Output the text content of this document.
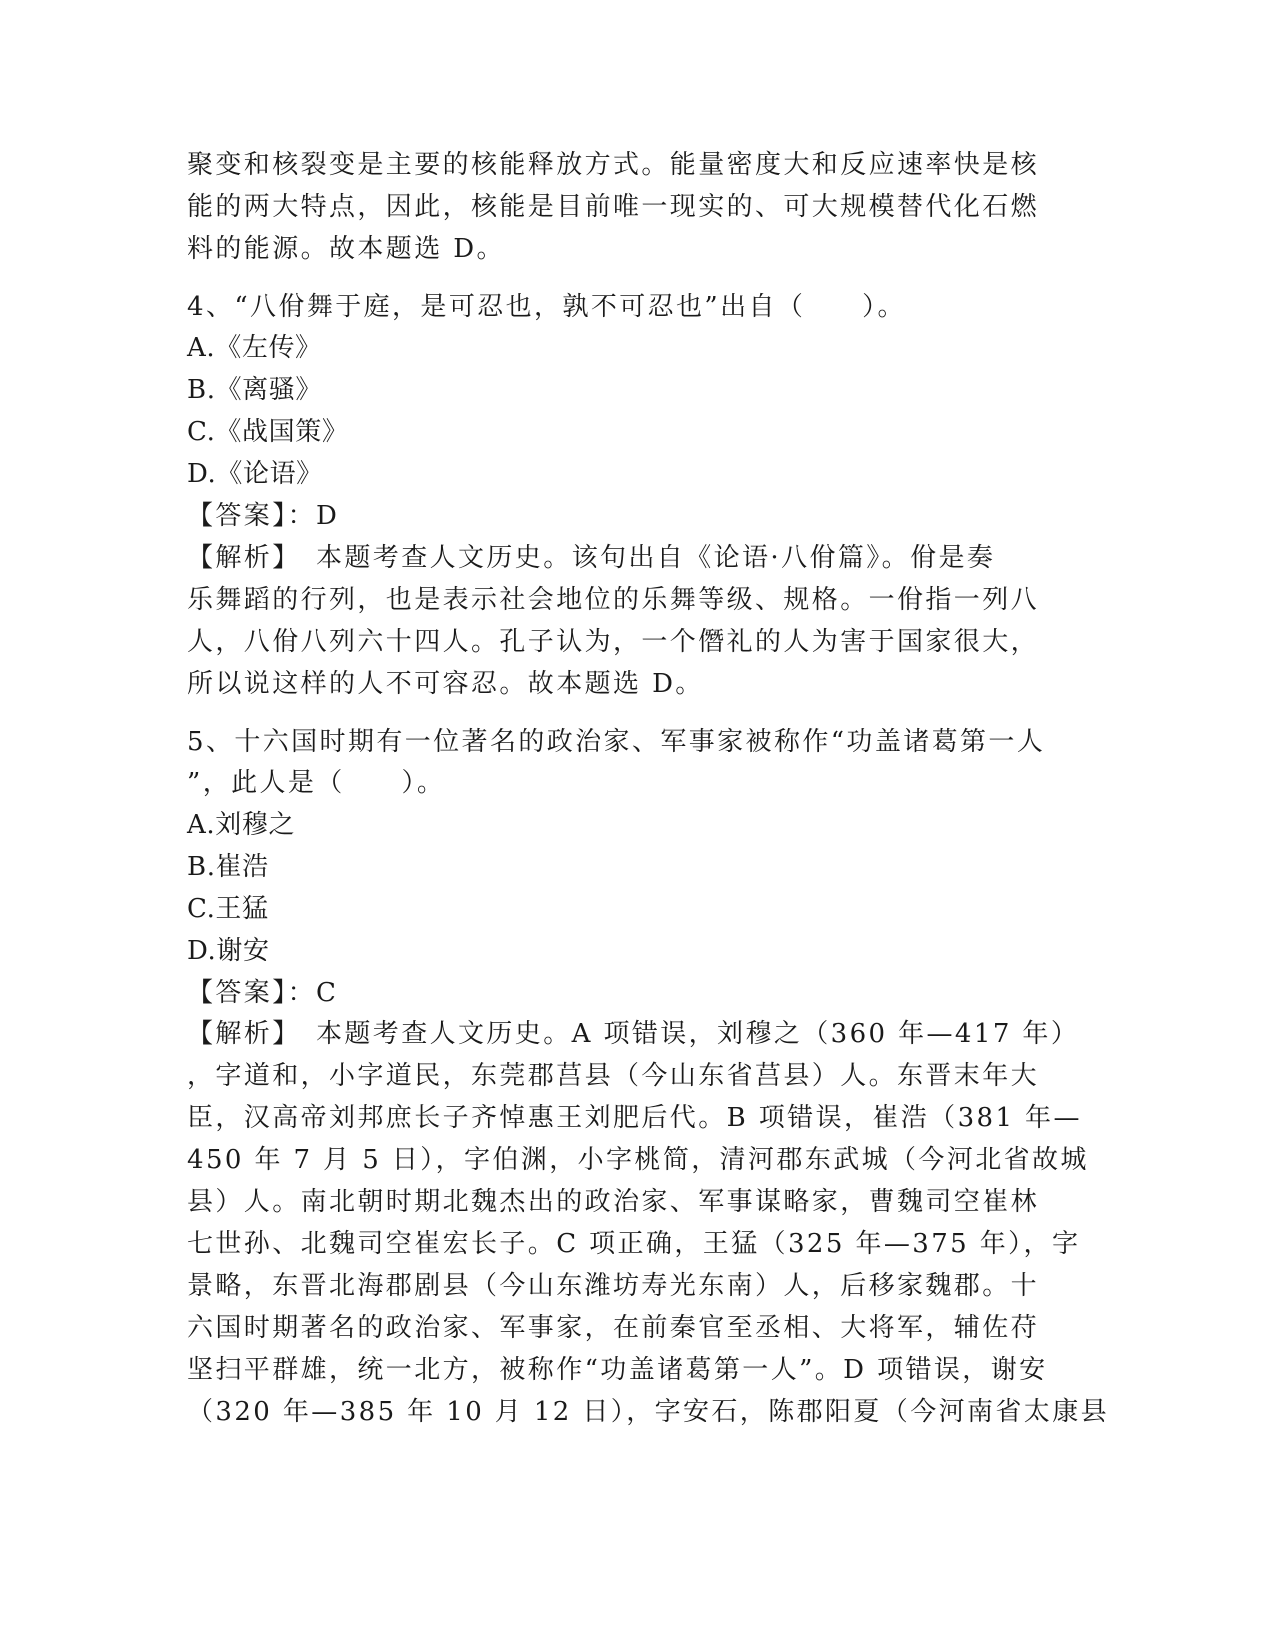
聚变和核裂变是主要的核能释放方式。能量密度大和反应速率快是核
能的两大特点，因此，核能是目前唯一现实的、可大规模替代化石燃
料的能源。故本题选 D。
4、“八佾舞于庭，是可忍也，孰不可忍也”出自（　　）。
A.《左传》
B.《离骚》
C.《战国策》
D.《论语》
【答案】：D
【解析】　本题考查人文历史。该句出自《论语·八佾篇》。佾是奏
乐舞蹈的行列，也是表示社会地位的乐舞等级、规格。一佾指一列八
人，八佾八列六十四人。孔子认为，一个僭礼的人为害于国家很大，
所以说这样的人不可容忍。故本题选 D。
5、十六国时期有一位著名的政治家、军事家被称作“功盖诸葛第一人
”，此人是（　　）。
A.刘穆之
B.崔浩
C.王猛
D.谢安
【答案】：C
【解析】　本题考查人文历史。A 项错误，刘穆之（360 年—417 年）
，字道和，小字道民，东莞郡莒县（今山东省莒县）人。东晋末年大
臣，汉高帝刘邦庶长子齐悼惠王刘肥后代。B 项错误，崔浩（381 年—
450 年 7 月 5 日），字伯渊，小字桃简，清河郡东武城（今河北省故城
县）人。南北朝时期北魏杰出的政治家、军事谋略家，曹魏司空崔林
七世孙、北魏司空崔宏长子。C 项正确，王猛（325 年—375 年），字
景略，东晋北海郡剧县（今山东潍坊寿光东南）人，后移家魏郡。十
六国时期著名的政治家、军事家，在前秦官至丞相、大将军，辅佐苻
坚扫平群雄，统一北方，被称作“功盖诸葛第一人”。D 项错误，谢安
（320 年—385 年 10 月 12 日），字安石，陈郡阳夏（今河南省太康县
